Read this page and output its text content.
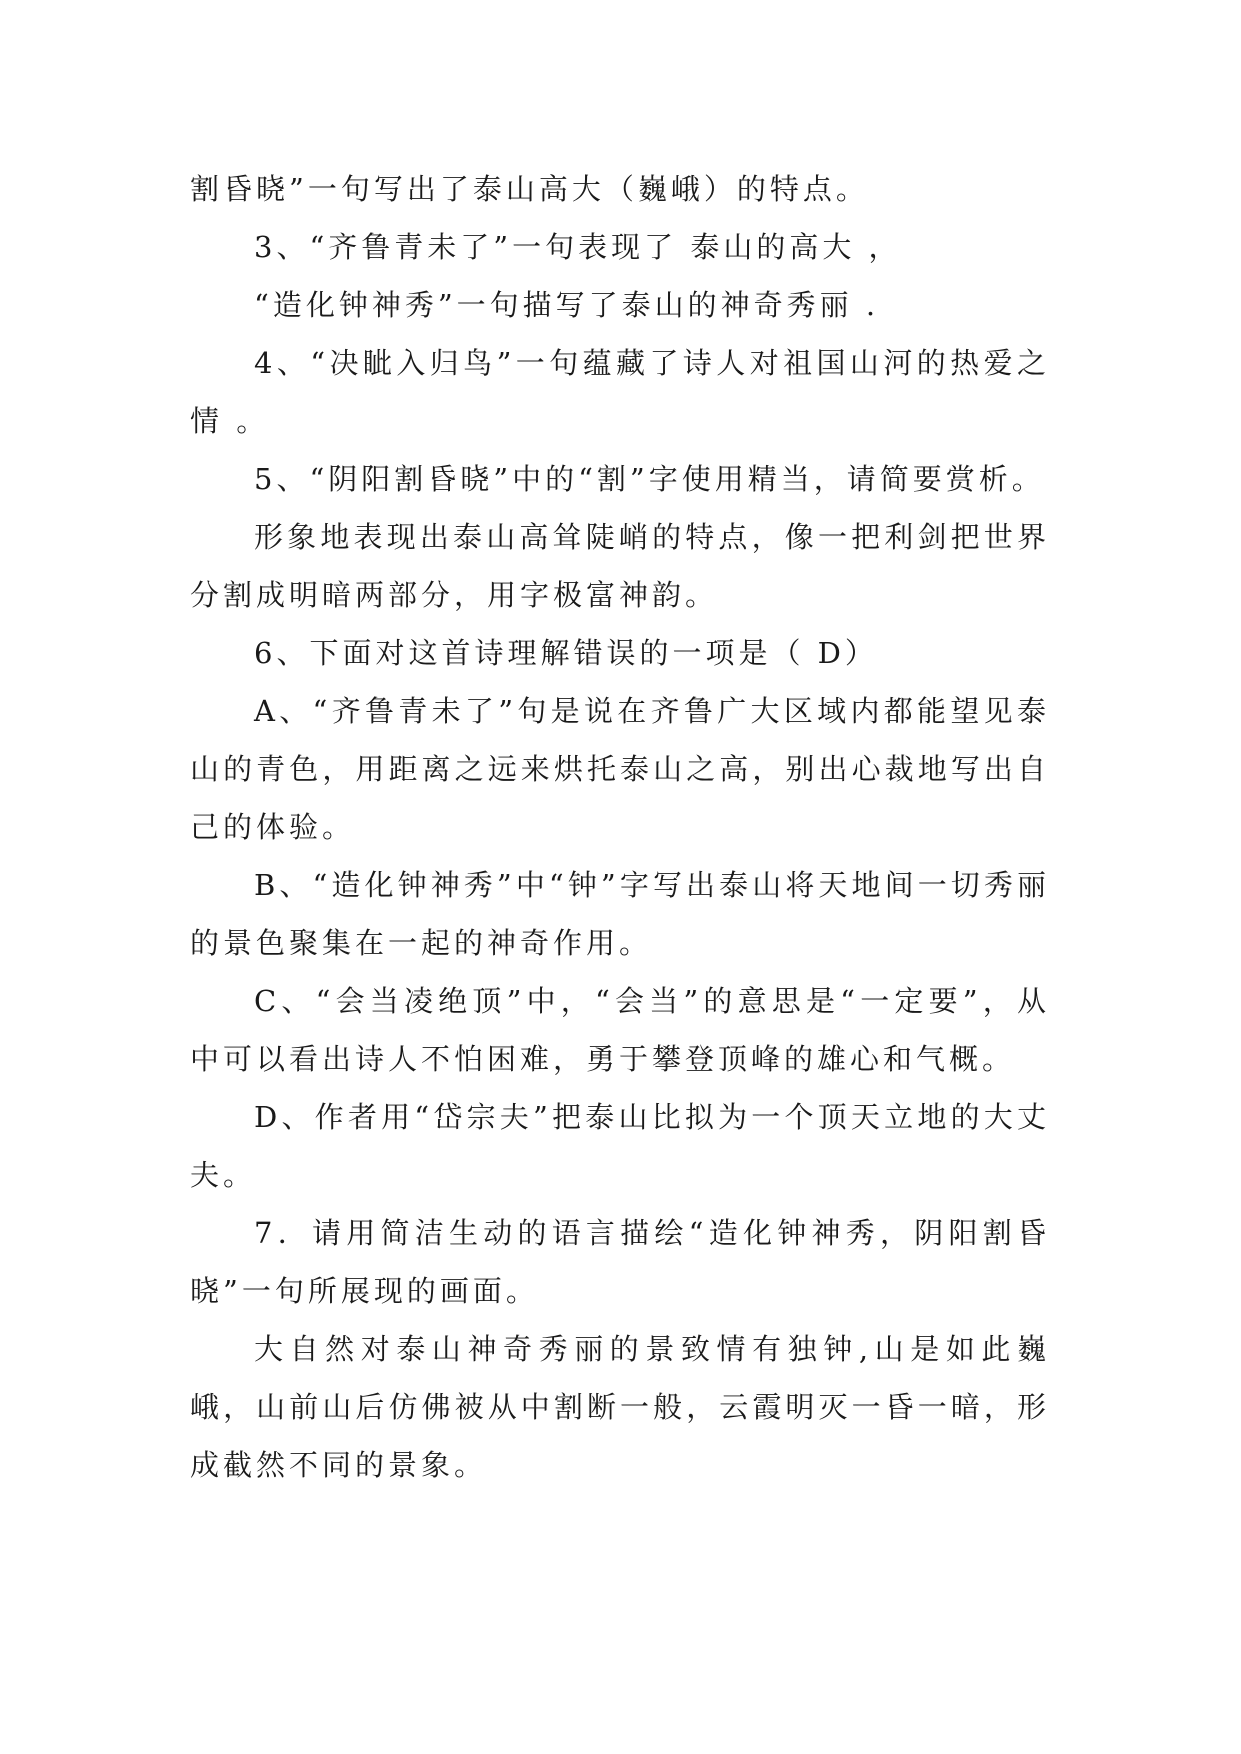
割昏晓”一句写出了泰山高大（巍峨）的特点。

3、“齐鲁青未了”一句表现了 泰山的高大 ，

“造化钟神秀”一句描写了泰山的神奇秀丽 .

4、“决眦入归鸟”一句蕴藏了诗人对祖国山河的热爱之情 。

5、“阴阳割昏晓”中的“割”字使用精当，请简要赏析。

形象地表现出泰山高耸陡峭的特点，像一把利剑把世界分割成明暗两部分，用字极富神韵。

6、下面对这首诗理解错误的一项是（ D）

A、“齐鲁青未了”句是说在齐鲁广大区域内都能望见泰山的青色，用距离之远来烘托泰山之高，别出心裁地写出自己的体验。

B、“造化钟神秀”中“钟”字写出泰山将天地间一切秀丽的景色聚集在一起的神奇作用。

C、“会当凌绝顶”中，“会当”的意思是“一定要”，从中可以看出诗人不怕困难，勇于攀登顶峰的雄心和气概。

D、作者用“岱宗夫”把泰山比拟为一个顶天立地的大丈夫。

7．请用简洁生动的语言描绘“造化钟神秀，阴阳割昏晓”一句所展现的画面。

大自然对泰山神奇秀丽的景致情有独钟,山是如此巍峨，山前山后仿佛被从中割断一般，云霞明灭一昏一暗，形成截然不同的景象。
